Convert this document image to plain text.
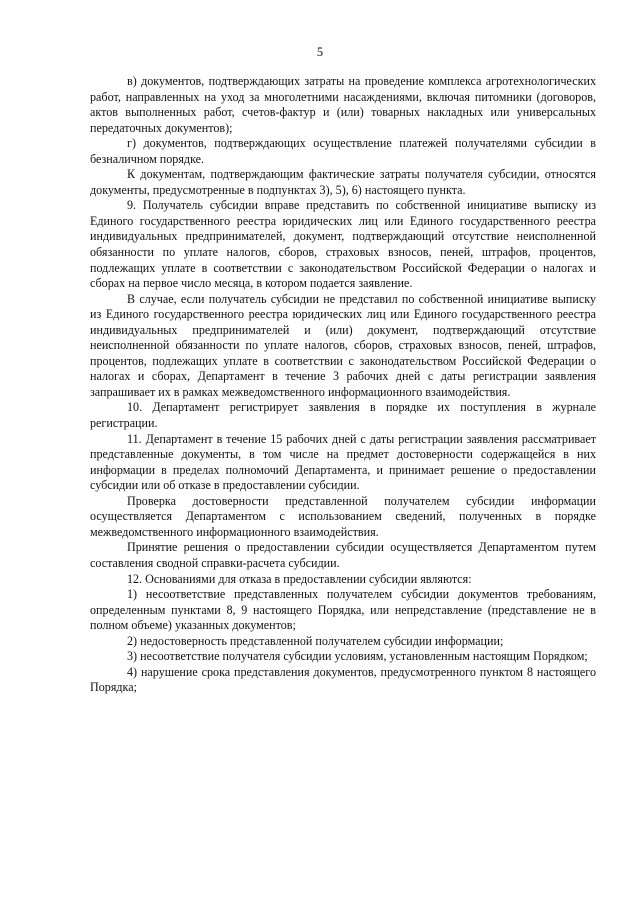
5

в) документов, подтверждающих затраты на проведение комплекса агротехнологических работ, направленных на уход за многолетними насаждениями, включая питомники (договоров, актов выполненных работ, счетов-фактур и (или) товарных накладных или универсальных передаточных документов);

г) документов, подтверждающих осуществление платежей получателями субсидии в безналичном порядке.

К документам, подтверждающим фактические затраты получателя субсидии, относятся документы, предусмотренные в подпунктах 3), 5), 6) настоящего пункта.

9. Получатель субсидии вправе представить по собственной инициативе выписку из Единого государственного реестра юридических лиц или Единого государственного реестра индивидуальных предпринимателей, документ, подтверждающий отсутствие неисполненной обязанности по уплате налогов, сборов, страховых взносов, пеней, штрафов, процентов, подлежащих уплате в соответствии с законодательством Российской Федерации о налогах и сборах на первое число месяца, в котором подается заявление.

В случае, если получатель субсидии не представил по собственной инициативе выписку из Единого государственного реестра юридических лиц или Единого государственного реестра индивидуальных предпринимателей и (или) документ, подтверждающий отсутствие неисполненной обязанности по уплате налогов, сборов, страховых взносов, пеней, штрафов, процентов, подлежащих уплате в соответствии с законодательством Российской Федерации о налогах и сборах, Департамент в течение 3 рабочих дней с даты регистрации заявления запрашивает их в рамках межведомственного информационного взаимодействия.

10. Департамент регистрирует заявления в порядке их поступления в журнале регистрации.

11. Департамент в течение 15 рабочих дней с даты регистрации заявления рассматривает представленные документы, в том числе на предмет достоверности содержащейся в них информации в пределах полномочий Департамента, и принимает решение о предоставлении субсидии или об отказе в предоставлении субсидии.

Проверка достоверности представленной получателем субсидии информации осуществляется Департаментом с использованием сведений, полученных в порядке межведомственного информационного взаимодействия.

Принятие решения о предоставлении субсидии осуществляется Департаментом путем составления сводной справки-расчета субсидии.

12. Основаниями для отказа в предоставлении субсидии являются:

1) несоответствие представленных получателем субсидии документов требованиям, определенным пунктами 8, 9 настоящего Порядка, или непредставление (представление не в полном объеме) указанных документов;

2) недостоверность представленной получателем субсидии информации;

3) несоответствие получателя субсидии условиям, установленным настоящим Порядком;

4) нарушение срока представления документов, предусмотренного пунктом 8 настоящего Порядка;
